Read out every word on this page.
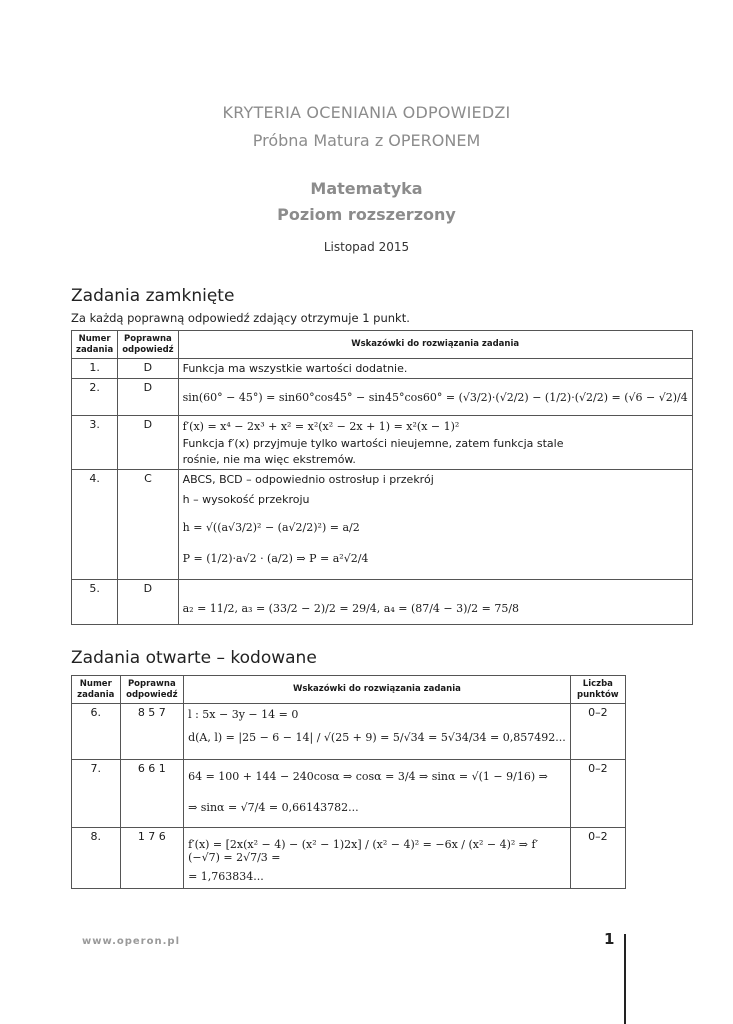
KRYTERIA OCENIANIA ODPOWIEDZI
Próbna Matura z OPERONEM
Matematyka
Poziom rozszerzony
Listopad 2015
Zadania zamknięte
Za każdą poprawną odpowiedź zdający otrzymuje 1 punkt.
Numer zadania	Poprawna odpowiedź	Wskazówki do rozwiązania zadania
1.	D	Funkcja ma wszystkie wartości dodatnie.

2.	D	sin(60° − 45°) = sin60°cos45° − sin45°cos60° = (√3/2)·(√2/2) − (1/2)·(√2/2) = (√6 − √2)/4

3.	D	f′(x) = x⁴ − 2x³ + x² = x²(x² − 2x + 1) = x²(x − 1)²
Funkcja f′(x) przyjmuje tylko wartości nieujemne, zatem funkcja stale
rośnie, nie ma więc ekstremów.

4.	C	ABCS, BCD – odpowiednio ostrosłup i przekrój
h – wysokość przekroju
h = √((a√3/2)² − (a√2/2)²) = a/2
P = (1/2)·a√2 · (a/2) ⇒ P = a²√2/4

5.	D	a₂ = 11/2, a₃ = (33/2 − 2)/2 = 29/4, a₄ = (87/4 − 3)/2 = 75/8
Zadania otwarte – kodowane
Numer zadania	Poprawna odpowiedź	Wskazówki do rozwiązania zadania	Liczba punktów
6.	8 5 7	l : 5x − 3y − 14 = 0
d(A, l) = |25 − 6 − 14| / √(25 + 9) = 5/√34 = 5√34/34 = 0,857492...	0–2
7.	6 6 1	64 = 100 + 144 − 240cosα ⇒ cosα = 3/4 ⇒ sinα = √(1 − 9/16) ⇒
⇒ sinα = √7/4 = 0,66143782...	0–2
8.	1 7 6	f′(x) = [2x(x² − 4) − (x² − 1)2x] / (x² − 4)² = −6x / (x² − 4)² ⇒ f′(−√7) = 2√7/3 =
= 1,763834...	0–2
www.operon.pl	1
